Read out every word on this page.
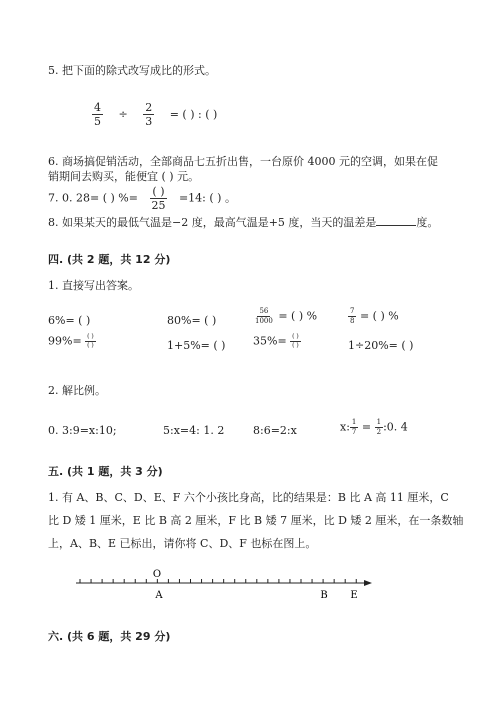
5. 把下面的除式改写成比的形式。
$\frac{4}{5} \div \frac{2}{3}$ = ( ) : ( )
6. 商场搞促销活动，全部商品七五折出售，一台原价 4000 元的空调，如果在促
销期间去购买，能便宜 ( ) 元。
7. 0. 28= ( ) %= $\frac{( )}{25} =14$: ( ) 。
8. 如果某天的最低气温是−2 度，最高气温是+5 度，当天的温差是	度。
四. (共 2 题，共 12 分)
1. 直接写出答案。
6%= ( )	80%= ( )	$\frac{56}{1000}$ = ( ) %	$\frac{7}{8}$ = ( ) %
$99\%= \frac{( )}{( )}$	1+5%= ( )	$35\%= \frac{( )}{( )}$	1÷20%= ( )
2. 解比例。
0. 3:9=x:10;	5:x=4: 1. 2	8:6=2:x	x: $\frac{1}{7} = \frac{1}{2}$ :0. 4
五. (共 1 题，共 3 分)
1. 有 A、B、C、D、E、F 六个小孩比身高，比的结果是：B 比 A 高 11 厘米，C
比 D 矮 1 厘米，E 比 B 高 2 厘米，F 比 B 矮 7 厘米，比 D 矮 2 厘米，在一条数轴
上，A、B、E 已标出，请你将 C、D、F 也标在图上。
O
A	B E
六. (共 6 题，共 29 分)
